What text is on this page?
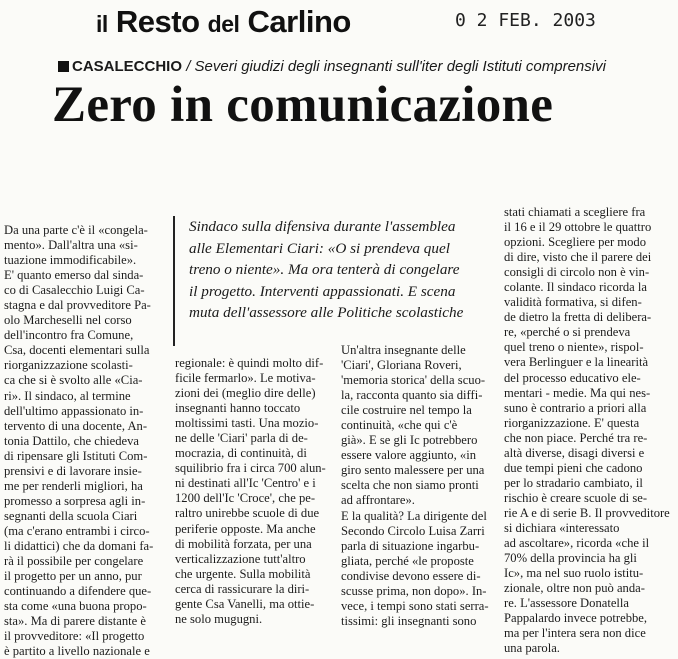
il Resto del Carlino	0 2 FEB. 2003
CASALECCHIO / Severi giudizi degli insegnanti sull'iter degli Istituti comprensivi
Zero in comunicazione
Sindaco sulla difensiva durante l'assemblea
alle Elementari Ciari: «O si prendeva quel
treno o niente». Ma ora tenterà di congelare
il progetto. Interventi appassionati. E scena
muta dell'assessore alle Politiche scolastiche
Da una parte c'è il «congela-
mento». Dall'altra una «si-
tuazione immodificabile».
E' quanto emerso dal sinda-
co di Casalecchio Luigi Ca-
stagna e dal provveditore Pa-
olo Marcheselli nel corso
dell'incontro fra Comune,
Csa, docenti elementari sulla
riorganizzazione scolasti-
ca che si è svolto alle «Cia-
ri». Il sindaco, al termine
dell'ultimo appassionato in-
tervento di una docente, An-
tonia Dattilo, che chiedeva
di ripensare gli Istituti Com-
prensivi e di lavorare insie-
me per renderli migliori, ha
promesso a sorpresa agli in-
segnanti della scuola Ciari
(ma c'erano entrambi i circo-
li didattici) che da domani fa-
rà il possibile per congelare
il progetto per un anno, pur
continuando a difendere que-
sta come «una buona propo-
sta». Ma di parere distante è
il provveditore: «Il progetto
è partito a livello nazionale e
regionale: è quindi molto dif-
ficile fermarlo». Le motiva-
zioni dei (meglio dire delle)
insegnanti hanno toccato
moltissimi tasti. Una mozio-
ne delle 'Ciari' parla di de-
mocrazia, di continuità, di
squilibrio fra i circa 700 alun-
ni destinati all'Ic 'Centro' e i
1200 dell'Ic 'Croce', che pe-
raltro unirebbe scuole di due
periferie opposte. Ma anche
di mobilità forzata, per una
verticalizzazione tutt'altro
che urgente. Sulla mobilità
cerca di rassicurare la diri-
gente Csa Vanelli, ma ottie-
ne solo mugugni.
Un'altra insegnante delle
'Ciari', Gloriana Roveri,
'memoria storica' della scuo-
la, racconta quanto sia diffi-
cile costruire nel tempo la
continuità, «che qui c'è
già». E se gli Ic potrebbero
essere valore aggiunto, «in
giro sento malessere per una
scelta che non siamo pronti
ad affrontare».
E la qualità? La dirigente del
Secondo Circolo Luisa Zarri
parla di situazione ingarbu-
gliata, perché «le proposte
condivise devono essere di-
scusse prima, non dopo». In-
vece, i tempi sono stati serra-
tissimi: gli insegnanti sono
stati chiamati a scegliere fra
il 16 e il 29 ottobre le quattro
opzioni. Scegliere per modo
di dire, visto che il parere dei
consigli di circolo non è vin-
colante. Il sindaco ricorda la
validità formativa, si difen-
de dietro la fretta di delibera-
re, «perché o si prendeva
quel treno o niente», rispol-
vera Berlinguer e la linearità
del processo educativo ele-
mentari - medie. Ma qui nes-
suno è contrario a priori alla
riorganizzazione. E' questa
che non piace. Perché tra re-
altà diverse, disagi diversi e
due tempi pieni che cadono
per lo stradario cambiato, il
rischio è creare scuole di se-
rie A e di serie B. Il provveditore
si dichiara «interessato
ad ascoltare», ricorda «che il
70% della provincia ha gli
Ic», ma nel suo ruolo istitu-
zionale, oltre non può anda-
re. L'assessore Donatella
Pappalardo invece potrebbe,
ma per l'intera sera non dice
una parola.
